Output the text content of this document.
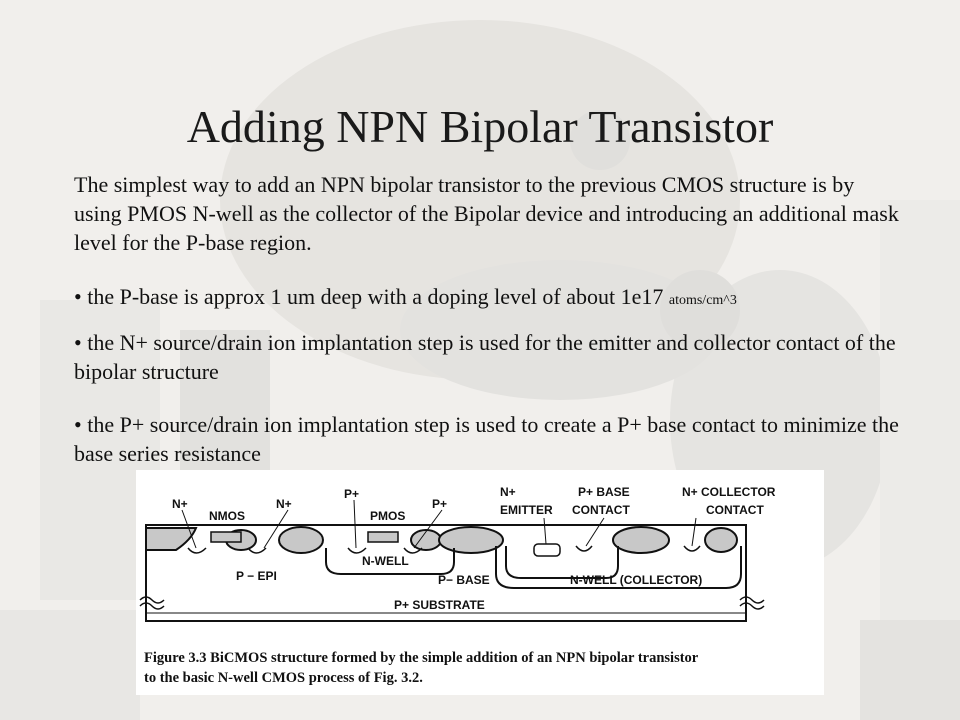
Adding NPN Bipolar Transistor
The simplest way to add an NPN bipolar transistor to the previous CMOS structure is by using PMOS N-well as the collector of the Bipolar device and introducing an additional mask level for the P-base region.
• the P-base is approx 1 um deep with a doping level of about 1e17 atoms/cm^3
• the N+ source/drain ion implantation step is used for the emitter and collector contact of the bipolar structure
• the P+ source/drain ion implantation step is used to create a P+ base contact to minimize the base series resistance
N+
NMOS
N+
P+
PMOS
P+
N+
EMITTER
P+ BASE
CONTACT
N+ COLLECTOR
CONTACT
N-WELL
P − EPI	P− BASE	N-WELL (COLLECTOR)
P+ SUBSTRATE
Figure 3.3 BiCMOS structure formed by the simple addition of an NPN bipolar transistor
to the basic N-well CMOS process of Fig. 3.2.
